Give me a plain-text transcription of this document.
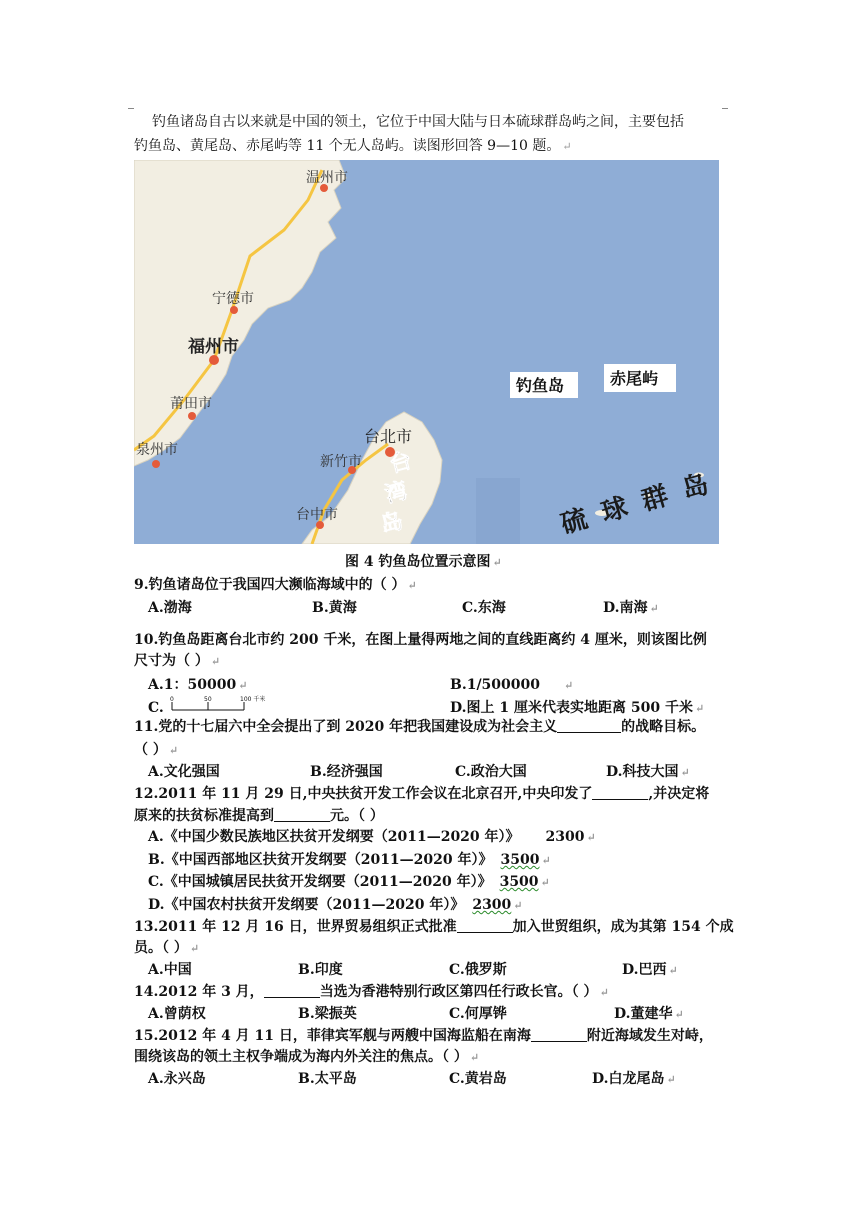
钓鱼诸岛自古以来就是中国的领土，它位于中国大陆与日本硫球群岛屿之间，主要包括
钓鱼岛、黄尾岛、赤尾屿等 11 个无人岛屿。读图形回答 9—10 题。 ↵
温州市
宁德市
福州市
莆田市
泉州市
台北市
新竹市
台中市
台
湾
岛
钓鱼岛	赤尾屿
硫 球 群 岛
图 4 钓鱼岛位置示意图 ↵
9.钓鱼诸岛位于我国四大濒临海域中的（ ） ↵
A.渤海	B.黄海	C.东海	D.南海 ↵
10.钓鱼岛距离台北市约 200 千米，在图上量得两地之间的直线距离约 4 厘米，则该图比例
尺寸为（ ） ↵
A.1：50000 ↵	B.1/500000 ↵
C.
0	50	100 千米
D.图上 1 厘米代表实地距离 500 千米 ↵
11.党的十七届六中全会提出了到 2020 年把我国建设成为社会主义	的战略目标。
（ ） ↵
A.文化强国	B.经济强国	C.政治大国	D.科技大国 ↵
12.2011 年 11 月 29 日,中央扶贫开发工作会议在北京召开,中央印发了	,并决定将
原来的扶贫标准提高到	元。（ ）
A.《中国少数民族地区扶贫开发纲要（2011—2020 年）》 2300 ↵
B.《中国西部地区扶贫开发纲要（2011—2020 年）》 3500 ↵
C.《中国城镇居民扶贫开发纲要（2011—2020 年）》 3500 ↵
D.《中国农村扶贫开发纲要（2011—2020 年）》 2300 ↵
13.2011 年 12 月 16 日，世界贸易组织正式批准	加入世贸组织，成为其第 154 个成
员。（ ） ↵
A.中国	B.印度	C.俄罗斯	D.巴西 ↵
14.2012 年 3 月，	当选为香港特别行政区第四任行政长官。（ ） ↵
A.曾荫权	B.梁振英	C.何厚铧	D.董建华 ↵
15.2012 年 4 月 11 日，菲律宾军舰与两艘中国海监船在南海	附近海域发生对峙，
围绕该岛的领土主权争端成为海内外关注的焦点。（ ） ↵
A.永兴岛	B.太平岛	C.黄岩岛	D.白龙尾岛 ↵
